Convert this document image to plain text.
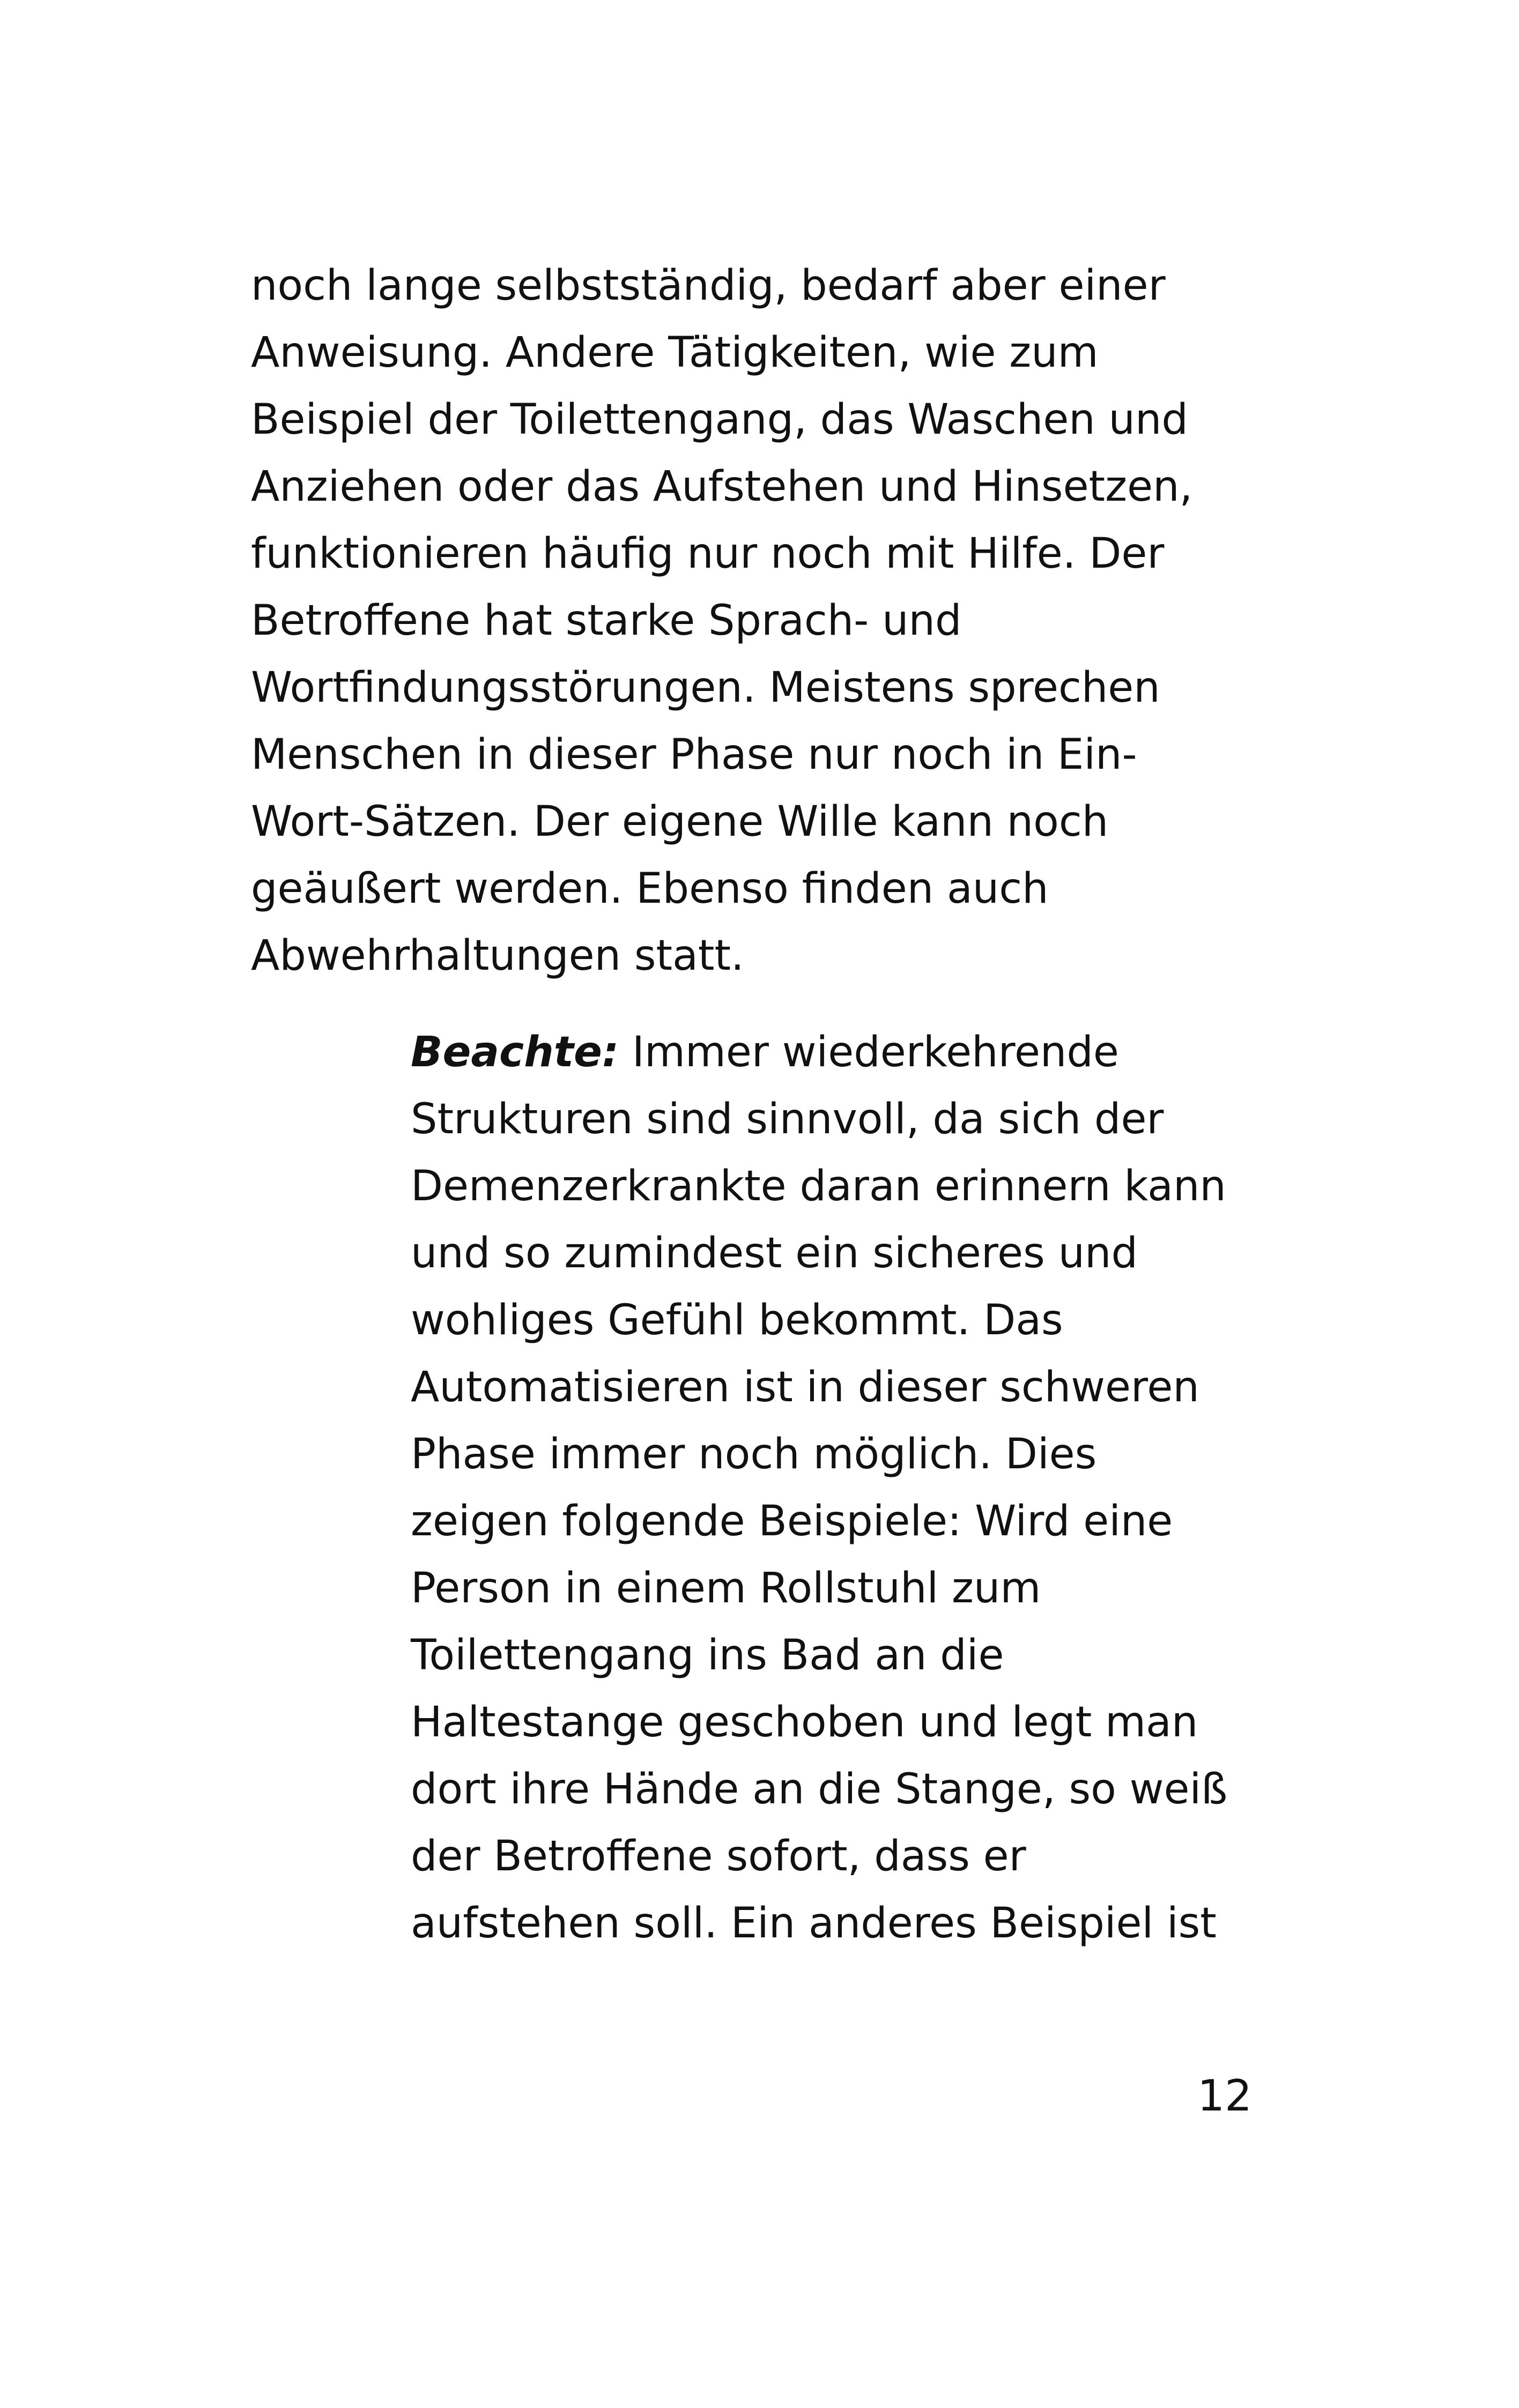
noch lange selbstständig, bedarf aber einer
Anweisung. Andere Tätigkeiten, wie zum
Beispiel der Toilettengang, das Waschen und
Anziehen oder das Aufstehen und Hinsetzen,
funktionieren häufig nur noch mit Hilfe. Der
Betroffene hat starke Sprach- und
Wortfindungsstörungen. Meistens sprechen
Menschen in dieser Phase nur noch in Ein-
Wort-Sätzen. Der eigene Wille kann noch
geäußert werden. Ebenso finden auch
Abwehrhaltungen statt.

Beachte: Immer wiederkehrende
Strukturen sind sinnvoll, da sich der
Demenzerkrankte daran erinnern kann
und so zumindest ein sicheres und
wohliges Gefühl bekommt. Das
Automatisieren ist in dieser schweren
Phase immer noch möglich. Dies
zeigen folgende Beispiele: Wird eine
Person in einem Rollstuhl zum
Toilettengang ins Bad an die
Haltestange geschoben und legt man
dort ihre Hände an die Stange, so weiß
der Betroffene sofort, dass er
aufstehen soll. Ein anderes Beispiel ist

12
